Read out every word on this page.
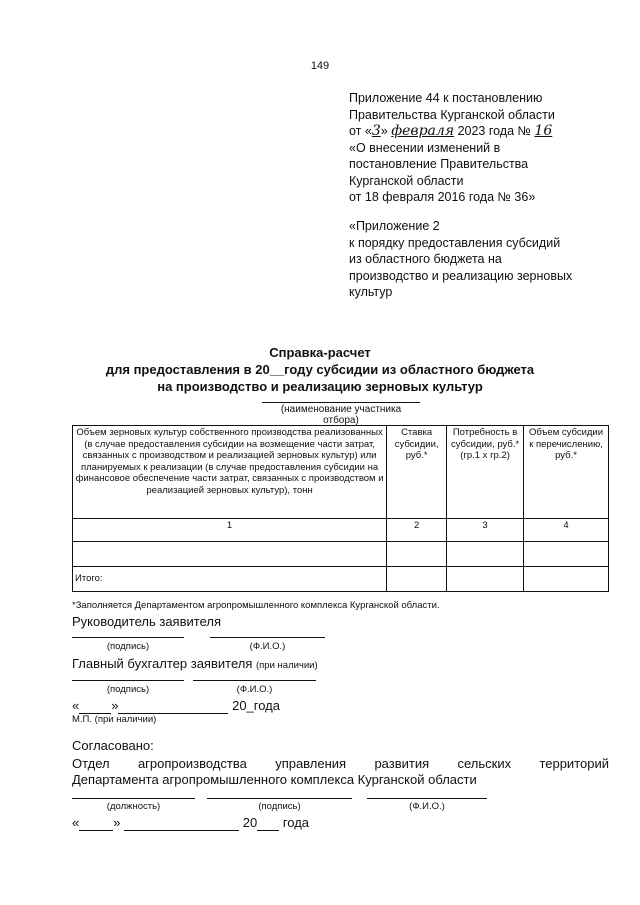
149
Приложение 44 к постановлению
Правительства Курганской области
от «3» февраля 2023 года № 16
«О внесении изменений в
постановление Правительства
Курганской области
от 18 февраля 2016 года № 36»
«Приложение 2
к порядку предоставления субсидий
из областного бюджета на
производство и реализацию зерновых
культур
Справка-расчет
для предоставления в 20__году субсидии из областного бюджета
на производство и реализацию зерновых культур
(наименование участника отбора)
Объем зерновых культур собственного производства реализованных (в случае предоставления субсидии на возмещение части затрат, связанных с производством и реализацией зерновых культур) или планируемых к реализации (в случае предоставления субсидии на финансовое обеспечение части затрат, связанных с производством и реализацией зерновых культур), тонн	Ставка субсидии, руб.*	Потребность в субсидии, руб.* (гр.1 х гр.2)	Объем субсидии к перечислению, руб.*
1	2	3	4

Итого:			
*Заполняется Департаментом агропромышленного комплекса Курганской области.
Руководитель заявителя
(подпись)	(Ф.И.О.)
Главный бухгалтер заявителя (при наличии)
(подпись)	(Ф.И.О.)
« »	20_года
М.П. (при наличии)
Согласовано:
Отдел агропроизводства управления развития сельских территорий
Департамента агропромышленного комплекса Курганской области
(должность)	(подпись)	(Ф.И.О.)
«	»	20 года
